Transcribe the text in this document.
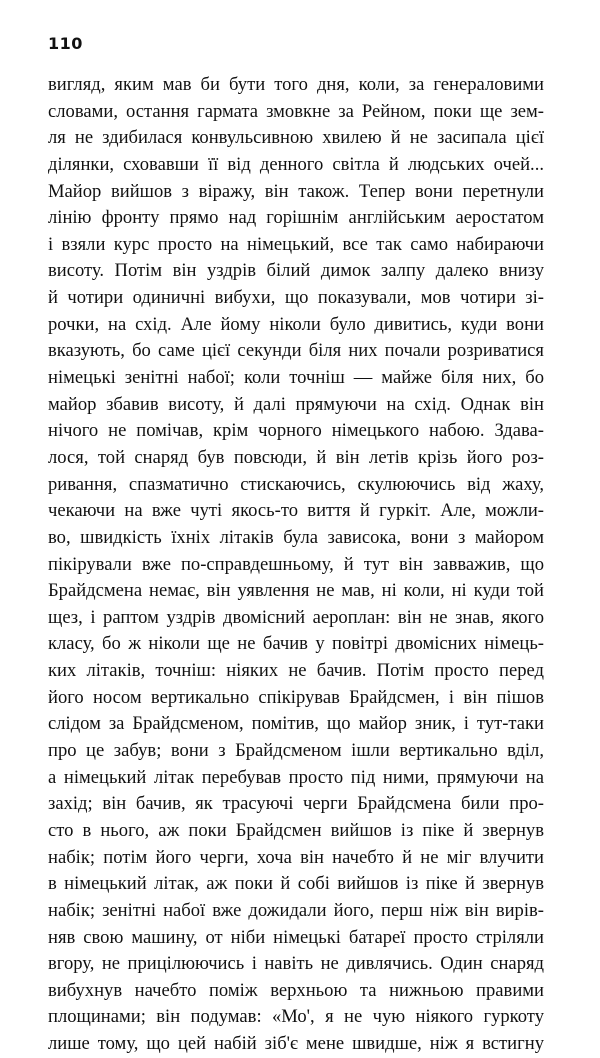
110
вигляд, яким мав би бути того дня, коли, за генераловими
словами, остання гармата змовкне за Рейном, поки ще зем-
ля не здибилася конвульсивною хвилею й не засипала цієї
ділянки, сховавши її від денного світла й людських очей...
Майор вийшов з віражу, він також. Тепер вони перетнули
лінію фронту прямо над горішнім англійським аеростатом
і взяли курс просто на німецький, все так само набираючи
висоту. Потім він уздрів білий димок залпу далеко внизу
й чотири одиничні вибухи, що показували, мов чотири зі-
рочки, на схід. Але йому ніколи було дивитись, куди вони
вказують, бо саме цієї секунди біля них почали розриватися
німецькі зенітні набої; коли точніш — майже біля них, бо
майор збавив висоту, й далі прямуючи на схід. Однак він
нічого не помічав, крім чорного німецького набою. Здава-
лося, той снаряд був повсюди, й він летів крізь його роз-
ривання, спазматично стискаючись, скулюючись від жаху,
чекаючи на вже чуті якось-то виття й гуркіт. Але, можли-
во, швидкість їхніх літаків була зависока, вони з майором
пікірували вже по-справдешньому, й тут він завважив, що
Брайдсмена немає, він уявлення не мав, ні коли, ні куди той
щез, і раптом уздрів двомісний аероплан: він не знав, якого
класу, бо ж ніколи ще не бачив у повітрі двомісних німець-
ких літаків, точніш: ніяких не бачив. Потім просто перед
його носом вертикально спікірував Брайдсмен, і він пішов
слідом за Брайдсменом, помітив, що майор зник, і тут-таки
про це забув; вони з Брайдсменом ішли вертикально вділ,
а німецький літак перебував просто під ними, прямуючи на
захід; він бачив, як трасуючі черги Брайдсмена били про-
сто в нього, аж поки Брайдсмен вийшов із піке й звернув
набік; потім його черги, хоча він начебто й не міг влучити
в німецький літак, аж поки й собі вийшов із піке й звернув
набік; зенітні набої вже дожидали його, перш ніж він вирів-
няв свою машину, от ніби німецькі батареї просто стріляли
вгору, не прицілюючись і навіть не дивлячись. Один снаряд
вибухнув начебто поміж верхньою та нижньою правими
площинами; він подумав: «Мо', я не чую ніякого гуркоту
лише тому, що цей набій зіб'є мене швидше, ніж я встигну
